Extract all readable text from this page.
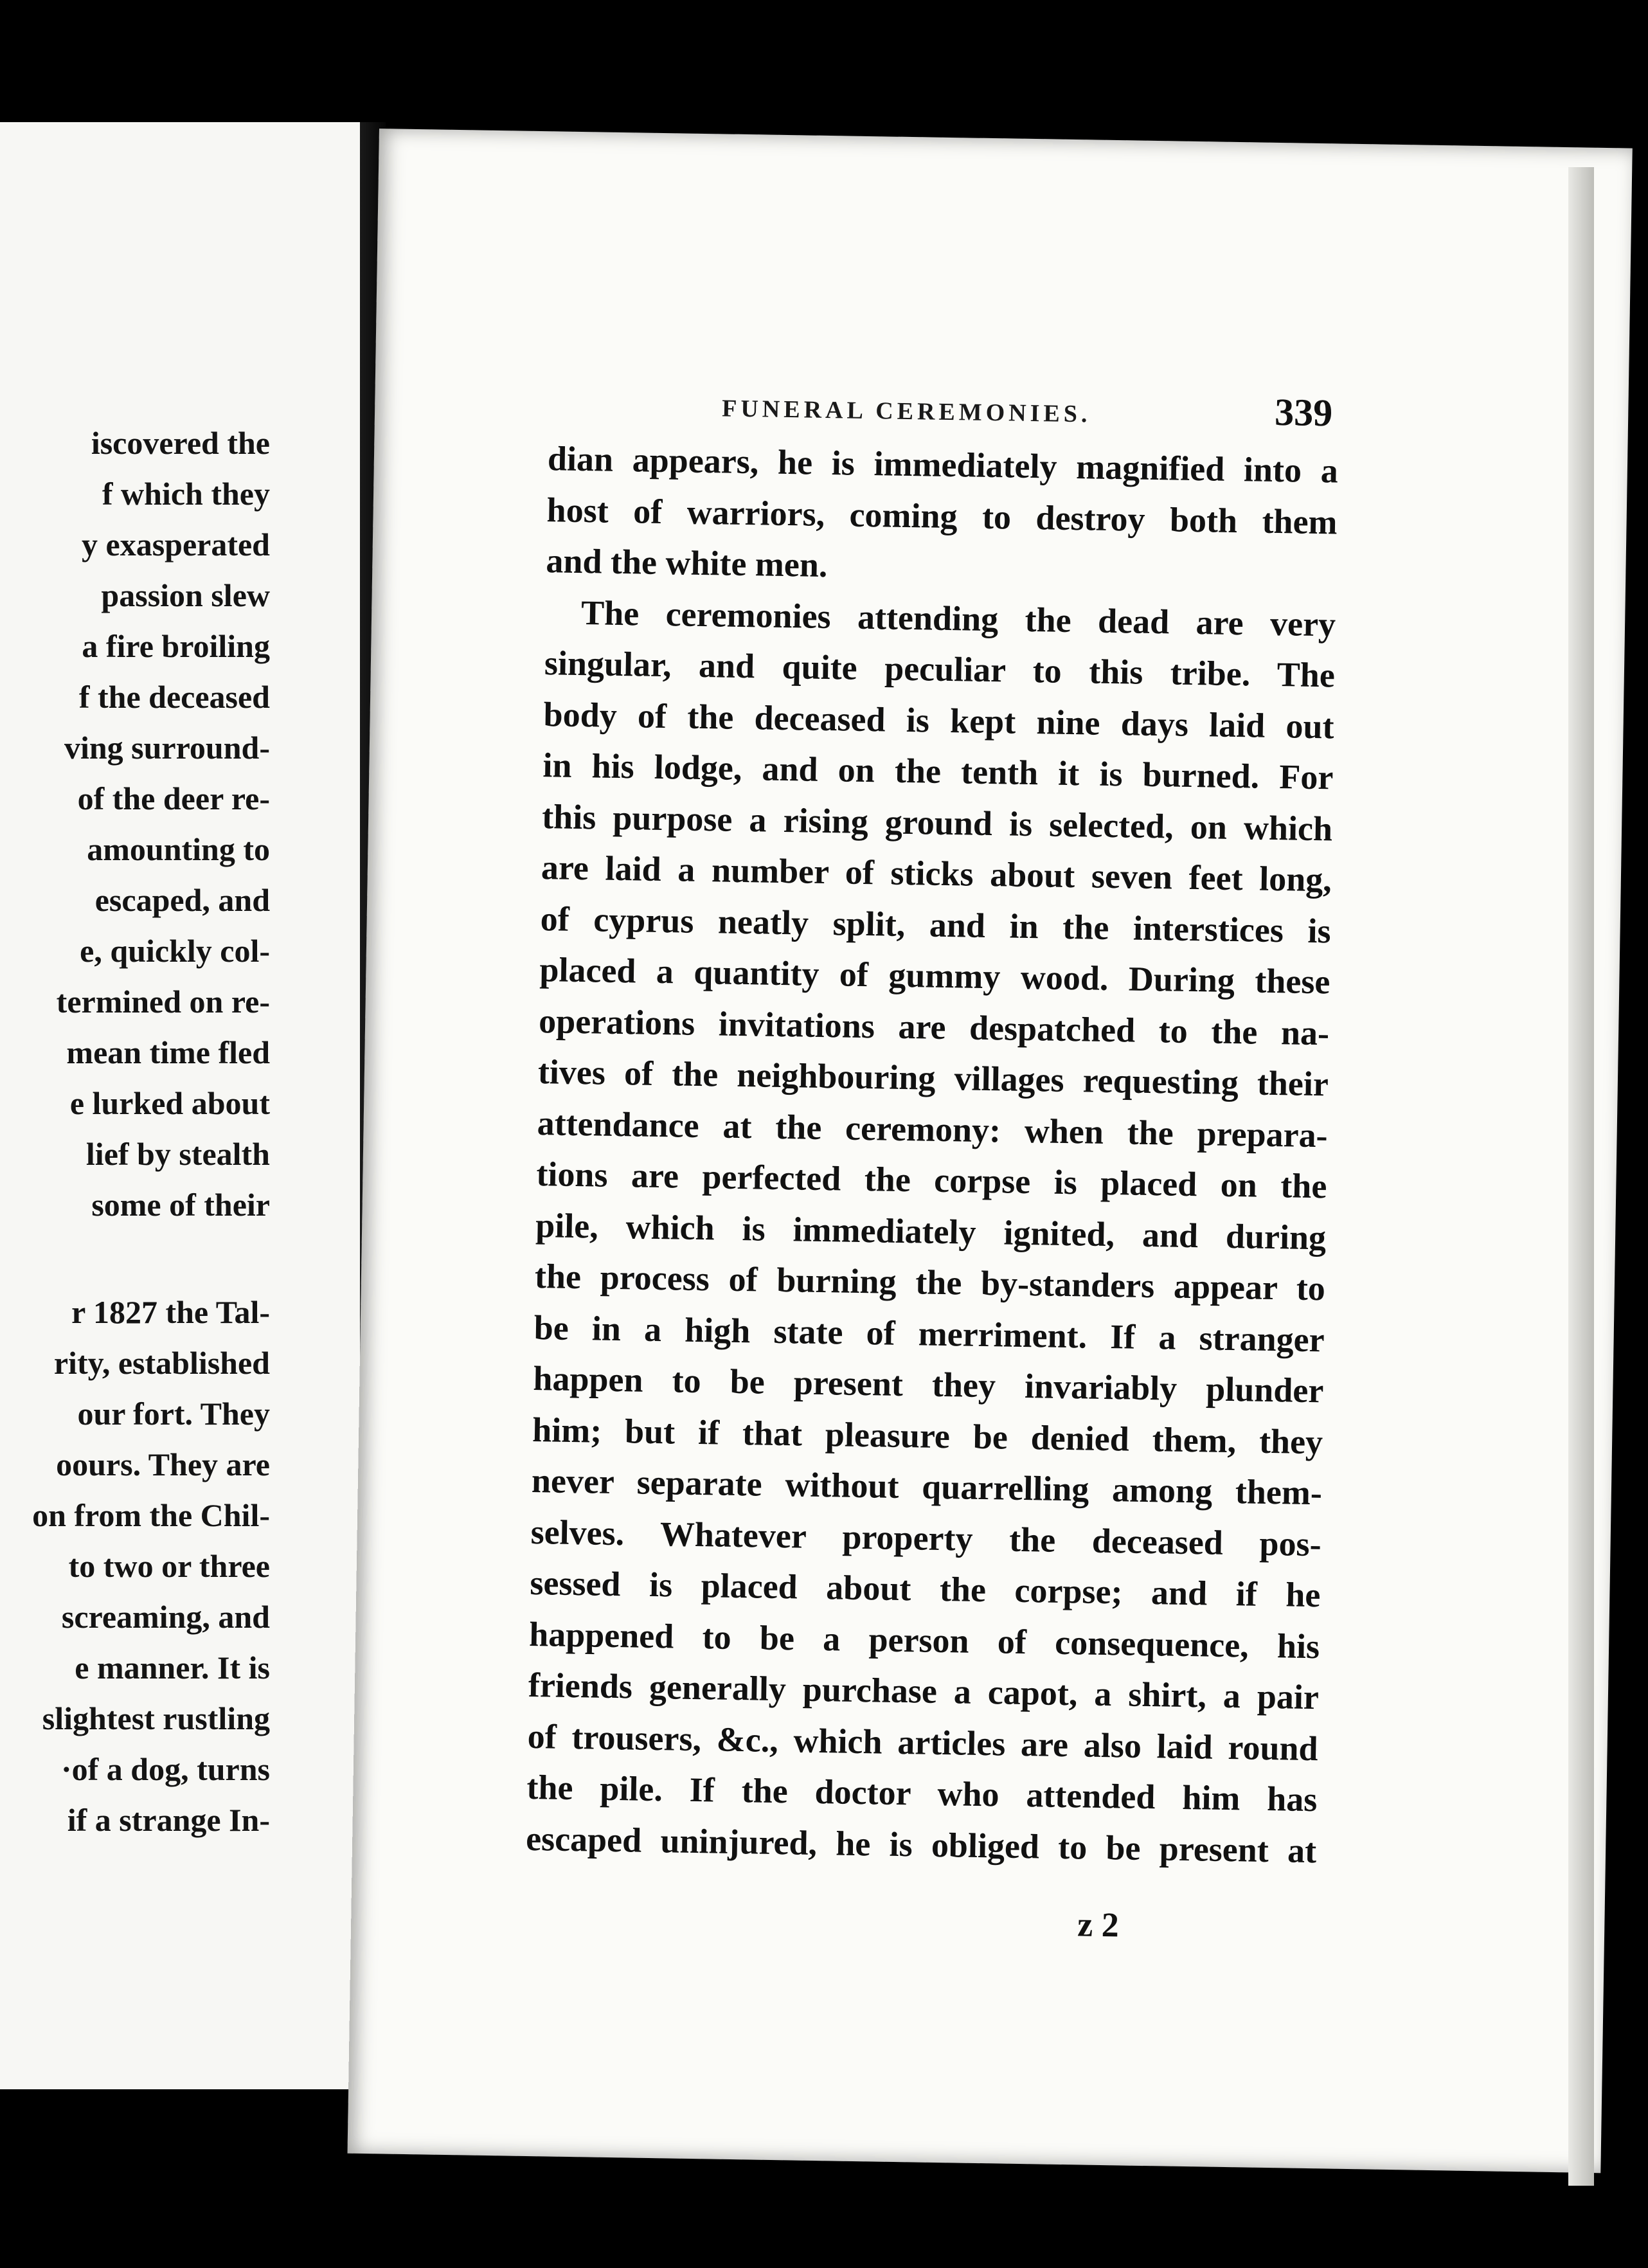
iscovered the
f which they
y exasperated
passion slew
a fire broiling
f the deceased
ving surround-
of the deer re-
amounting to
escaped, and
e, quickly col-
termined on re-
mean time fled
e lurked about
lief by stealth
some of their
r 1827 the Tal-
rity, established
our fort. They
oours. They are
on from the Chil-
to two or three
screaming, and
e manner. It is
slightest rustling
·of a dog, turns
if a strange In-
FUNERAL CEREMONIES.	339
dian appears, he is immediately magnified into a
host of warriors, coming to destroy both them
and the white men.
The ceremonies attending the dead are very
singular, and quite peculiar to this tribe. The
body of the deceased is kept nine days laid out
in his lodge, and on the tenth it is burned. For
this purpose a rising ground is selected, on which
are laid a number of sticks about seven feet long,
of cyprus neatly split, and in the interstices is
placed a quantity of gummy wood. During these
operations invitations are despatched to the na-
tives of the neighbouring villages requesting their
attendance at the ceremony: when the prepara-
tions are perfected the corpse is placed on the
pile, which is immediately ignited, and during
the process of burning the by-standers appear to
be in a high state of merriment. If a stranger
happen to be present they invariably plunder
him; but if that pleasure be denied them, they
never separate without quarrelling among them-
selves. Whatever property the deceased pos-
sessed is placed about the corpse; and if he
happened to be a person of consequence, his
friends generally purchase a capot, a shirt, a pair
of trousers, &c., which articles are also laid round
the pile. If the doctor who attended him has
escaped uninjured, he is obliged to be present at
z 2
